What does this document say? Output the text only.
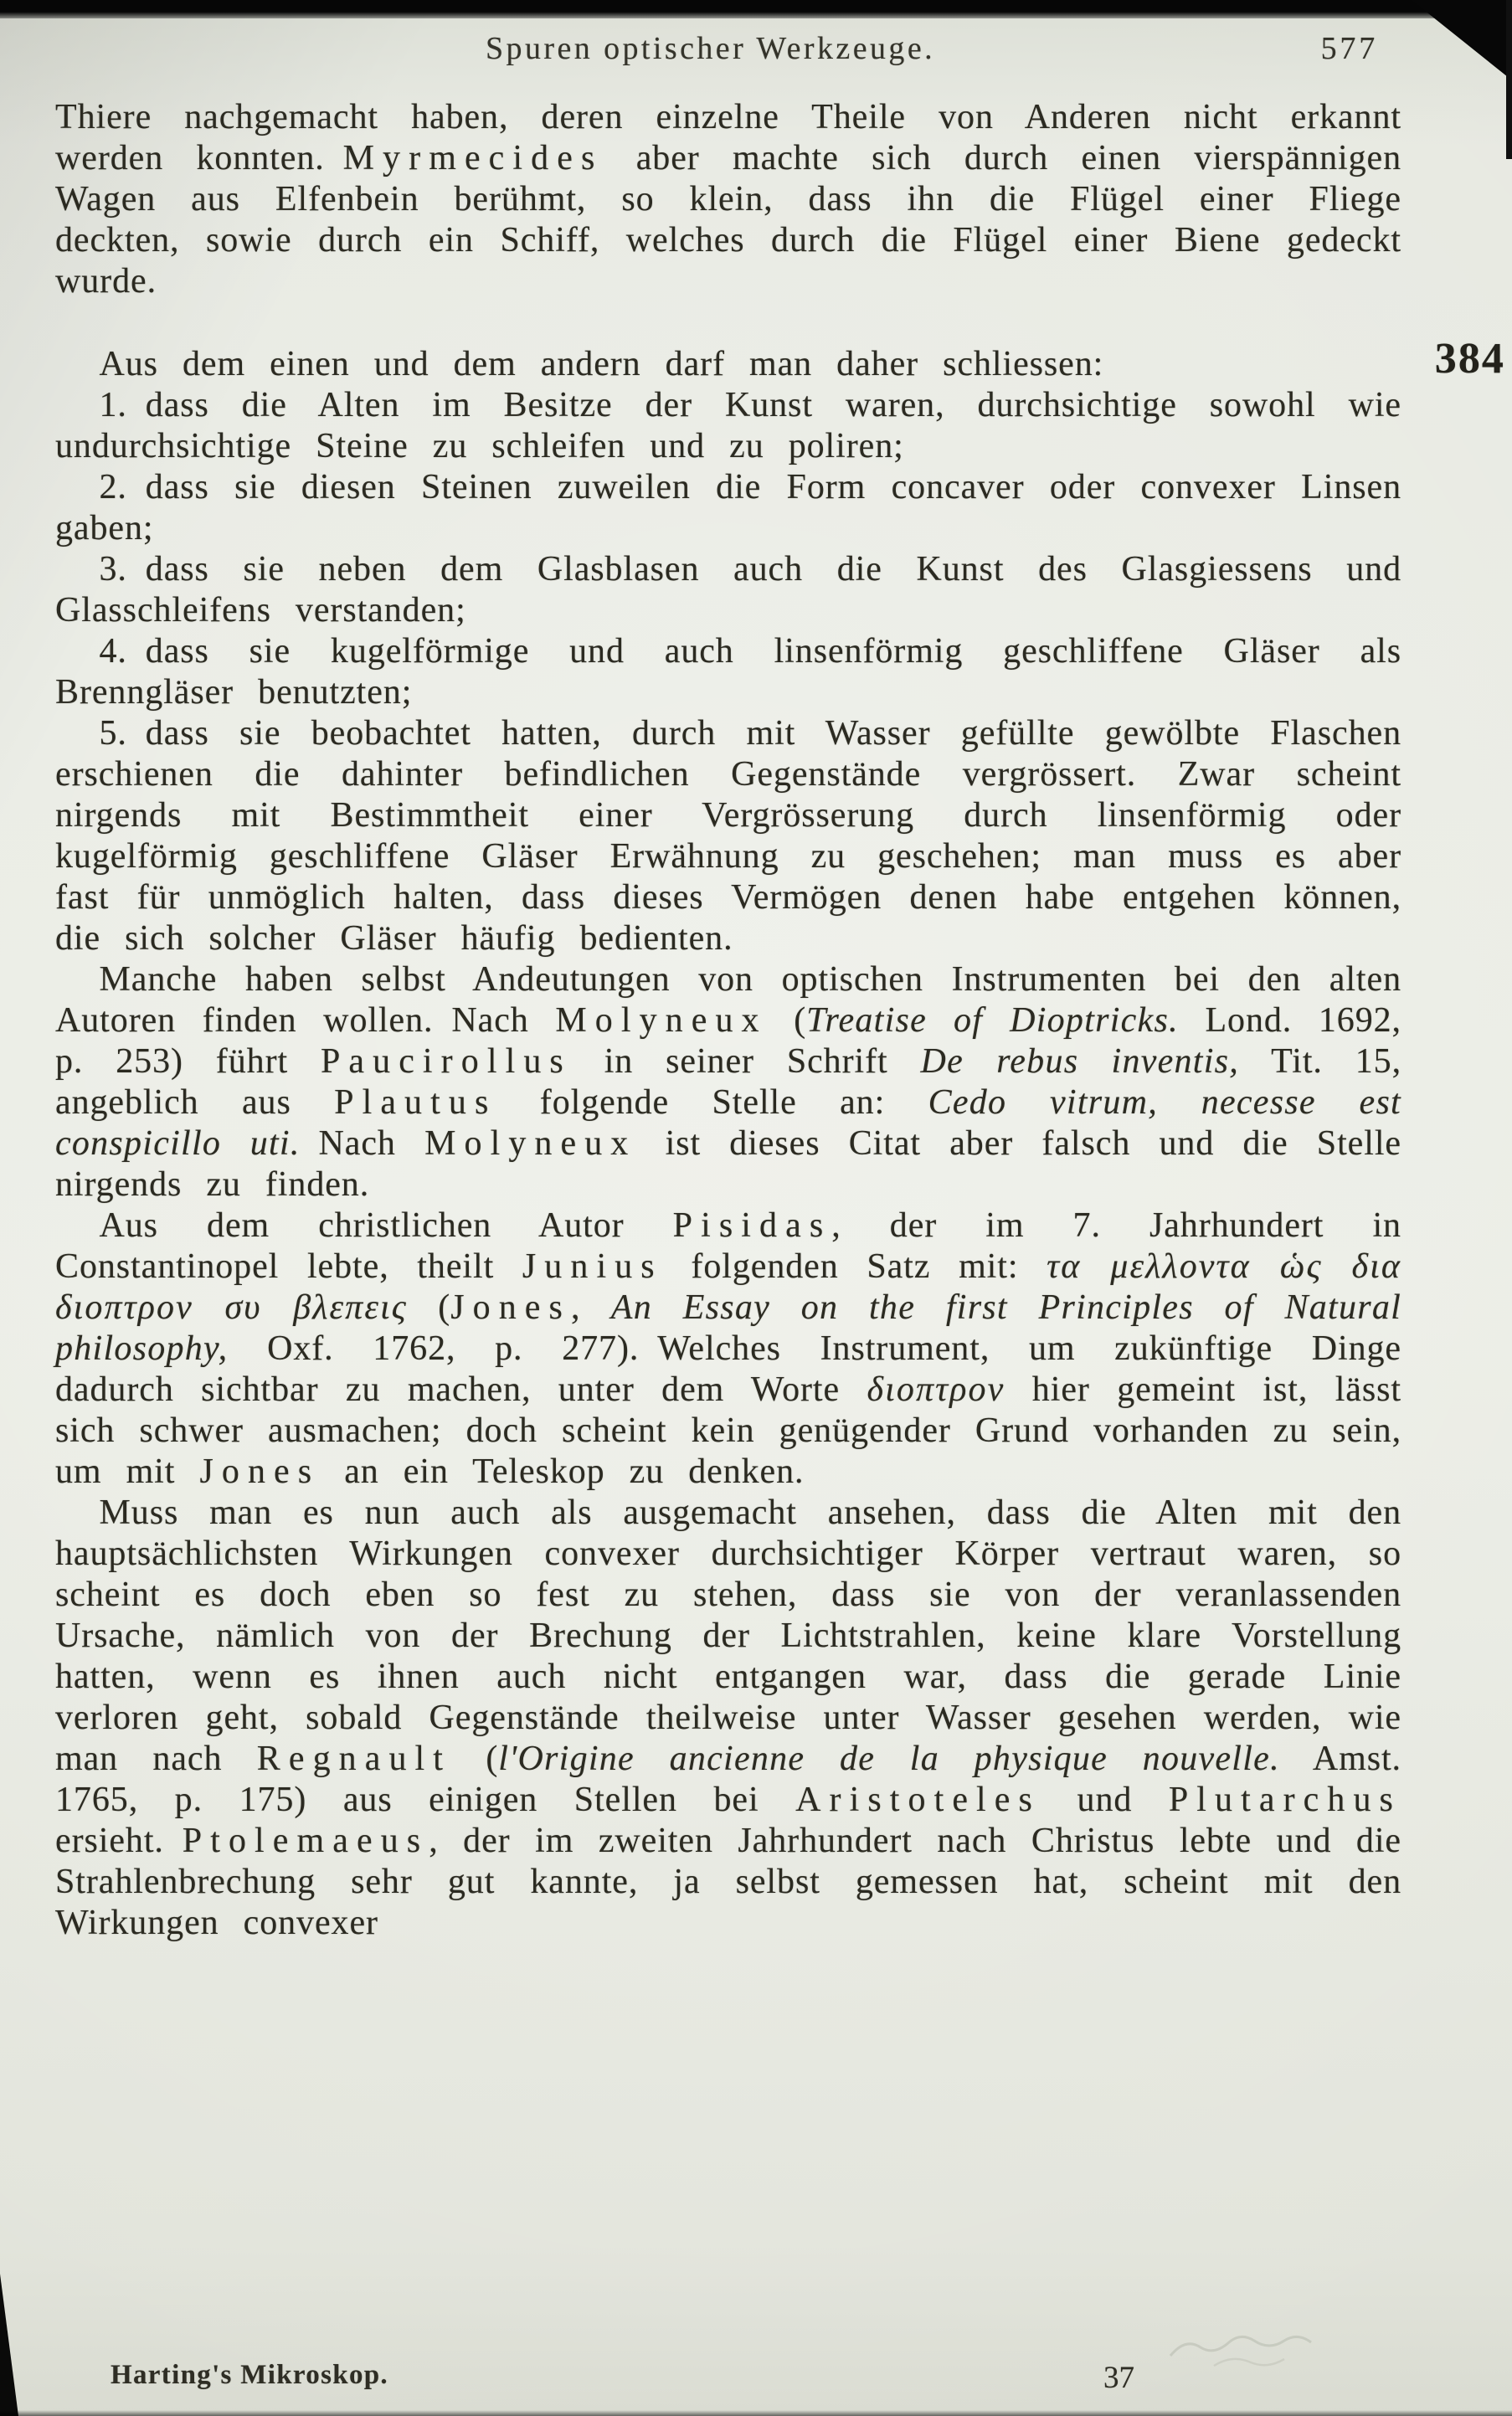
Spuren optischer Werkzeuge.	577

Thiere nachgemacht haben, deren einzelne Theile von Anderen nicht erkannt werden konnten. Myrmecides aber machte sich durch einen vierspännigen Wagen aus Elfenbein berühmt, so klein, dass ihn die Flügel einer Fliege deckten, sowie durch ein Schiff, welches durch die Flügel einer Biene gedeckt wurde.

Aus dem einen und dem andern darf man daher schliessen:	384

1. dass die Alten im Besitze der Kunst waren, durchsichtige sowohl wie undurchsichtige Steine zu schleifen und zu poliren;

2. dass sie diesen Steinen zuweilen die Form concaver oder convexer Linsen gaben;

3. dass sie neben dem Glasblasen auch die Kunst des Glasgiessens und Glasschleifens verstanden;

4. dass sie kugelförmige und auch linsenförmig geschliffene Gläser als Brenngläser benutzten;

5. dass sie beobachtet hatten, durch mit Wasser gefüllte gewölbte Flaschen erschienen die dahinter befindlichen Gegenstände vergrössert. Zwar scheint nirgends mit Bestimmtheit einer Vergrösserung durch linsenförmig oder kugelförmig geschliffene Gläser Erwähnung zu geschehen; man muss es aber fast für unmöglich halten, dass dieses Vermögen denen habe entgehen können, die sich solcher Gläser häufig bedienten.

Manche haben selbst Andeutungen von optischen Instrumenten bei den alten Autoren finden wollen. Nach Molyneux (Treatise of Dioptricks. Lond. 1692, p. 253) führt Paucirollus in seiner Schrift De rebus inventis, Tit. 15, angeblich aus Plautus folgende Stelle an: Cedo vitrum, necesse est conspicillo uti. Nach Molyneux ist dieses Citat aber falsch und die Stelle nirgends zu finden.

Aus dem christlichen Autor Pisidas, der im 7. Jahrhundert in Constantinopel lebte, theilt Junius folgenden Satz mit: τα μελλοντα ὡς δια διοπτρον συ βλεπεις (Jones, An Essay on the first Principles of Natural philosophy, Oxf. 1762, p. 277). Welches Instrument, um zukünftige Dinge dadurch sichtbar zu machen, unter dem Worte διοπτρον hier gemeint ist, lässt sich schwer ausmachen; doch scheint kein genügender Grund vorhanden zu sein, um mit Jones an ein Teleskop zu denken.

Muss man es nun auch als ausgemacht ansehen, dass die Alten mit den hauptsächlichsten Wirkungen convexer durchsichtiger Körper vertraut waren, so scheint es doch eben so fest zu stehen, dass sie von der veranlassenden Ursache, nämlich von der Brechung der Lichtstrahlen, keine klare Vorstellung hatten, wenn es ihnen auch nicht entgangen war, dass die gerade Linie verloren geht, sobald Gegenstände theilweise unter Wasser gesehen werden, wie man nach Regnault (l'Origine ancienne de la physique nouvelle. Amst. 1765, p. 175) aus einigen Stellen bei Aristoteles und Plutarchus ersieht. Ptolemaeus, der im zweiten Jahrhundert nach Christus lebte und die Strahlenbrechung sehr gut kannte, ja selbst gemessen hat, scheint mit den Wirkungen convexer

Harting's Mikroskop.	37
